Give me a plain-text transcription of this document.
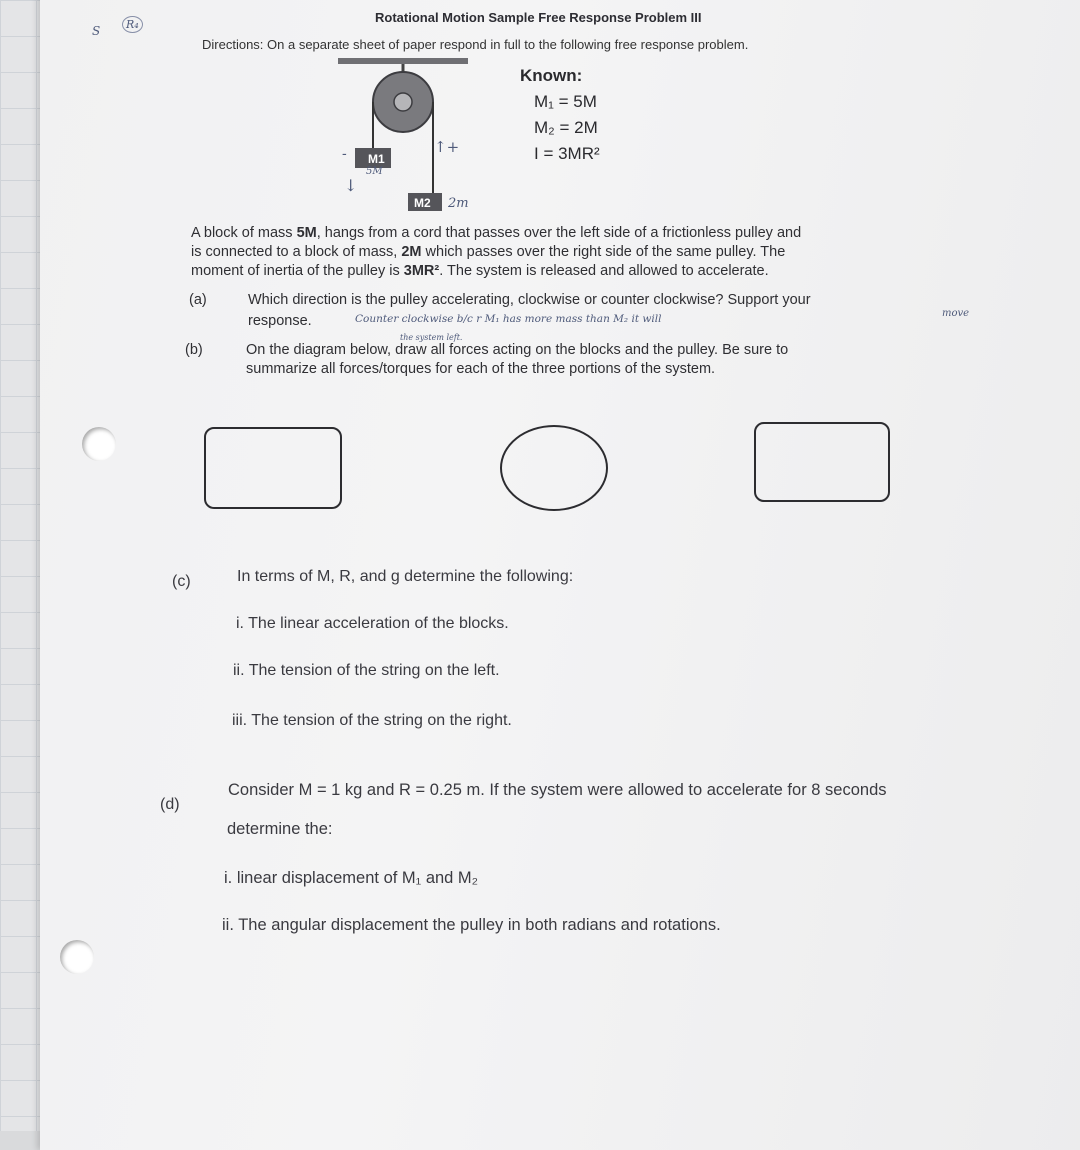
S	R₄	Rotational Motion Sample Free Response Problem III
Directions: On a separate sheet of paper respond in full to the following free response problem.
M1
M2
5M
2m
-	↑+
↓
Known:
M₁ = 5M
M₂ = 2M
I = 3MR²
A block of mass 5M, hangs from a cord that passes over the left side of a frictionless pulley and
is connected to a block of mass, 2M which passes over the right side of the same pulley. The
moment of inertia of the pulley is 3MR². The system is released and allowed to accelerate.
(a)	Which direction is the pulley accelerating, clockwise or counter clockwise? Support your
response.	Counter clockwise b/c r M₁ has more mass than M₂ it will	move
the system left.
(b)	On the diagram below, draw all forces acting on the blocks and the pulley. Be sure to
summarize all forces/torques for each of the three portions of the system.
(c)	In terms of M, R, and g determine the following:
i. The linear acceleration of the blocks.
ii. The tension of the string on the left.
iii. The tension of the string on the right.
(d)
Consider M = 1 kg and R = 0.25 m. If the system were allowed to accelerate for 8 seconds
determine the:
i. linear displacement of M₁ and M₂
ii. The angular displacement the pulley in both radians and rotations.
